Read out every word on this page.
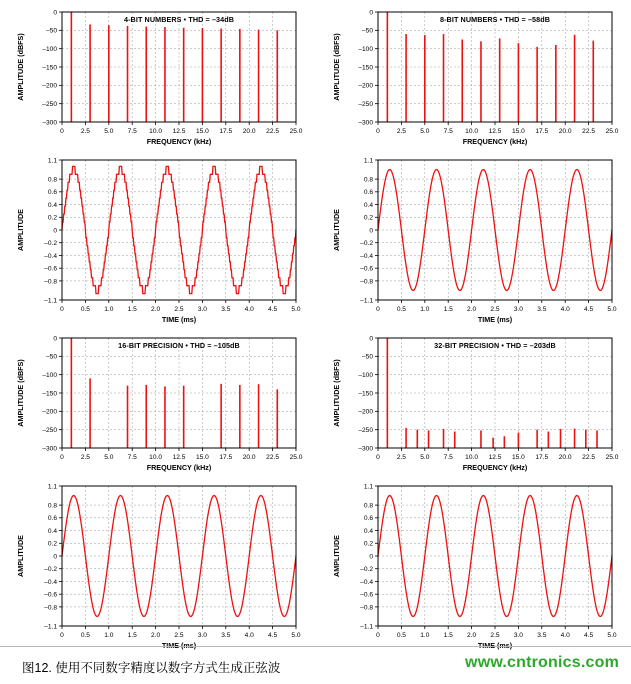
0	2.5 5.0 7.5 10.0 12.5 15.0 17.5 20.0 22.5 25.0
0
–50
–100
–150
–200
–250
–300
FREQUENCY (kHz)
AMPLITUDE (dBFS)
4-BIT NUMBERS • THD = –34dB
0	2.5 5.0 7.5 10.0 12.5 15.0 17.5 20.0 22.5 25.0
0
–50
–100
–150
–200
–250
–300
FREQUENCY (kHz)
AMPLITUDE (dBFS)
8-BIT NUMBERS • THD = –58dB
0	0.5 1.0 1.5 2.0 2.5 3.0 3.5 4.0 4.5 5.0
1.1
0.8
0.6
0.4
0.2
0
–0.2
–0.4
–0.6
–0.8
–1.1
TIME (ms)
AMPLITUDE
0	0.5 1.0 1.5 2.0 2.5 3.0 3.5 4.0 4.5 5.0
1.1
0.8
0.6
0.4
0.2
0
–0.2
–0.4
–0.6
–0.8
–1.1
TIME (ms)
AMPLITUDE
0	2.5 5.0 7.5 10.0 12.5 15.0 17.5 20.0 22.5 25.0
0
–50
–100
–150
–200
–250
–300
FREQUENCY (kHz)
AMPLITUDE (dBFS)
16-BIT PRECISION • THD = –105dB
0	2.5 5.0 7.5 10.0 12.5 15.0 17.5 20.0 22.5 25.0
0
–50
–100
–150
–200
–250
–300
FREQUENCY (kHz)
AMPLITUDE (dBFS)
32-BIT PRECISION • THD = –203dB
0	0.5 1.0 1.5 2.0 2.5 3.0 3.5 4.0 4.5 5.0
1.1
0.8
0.6
0.4
0.2
0
–0.2
–0.4
–0.6
–0.8
–1.1
AMPLITUDE
0	0.5 1.0 1.5 2.0 2.5 3.0 3.5 4.0 4.5 5.0
1.1
0.8
0.6
0.4
0.2
0
–0.2
–0.4
–0.6
–0.8
–1.1
AMPLITUDE
图12. 使用不同数字精度以数字方式生成正弦波	www.cntronics.com
